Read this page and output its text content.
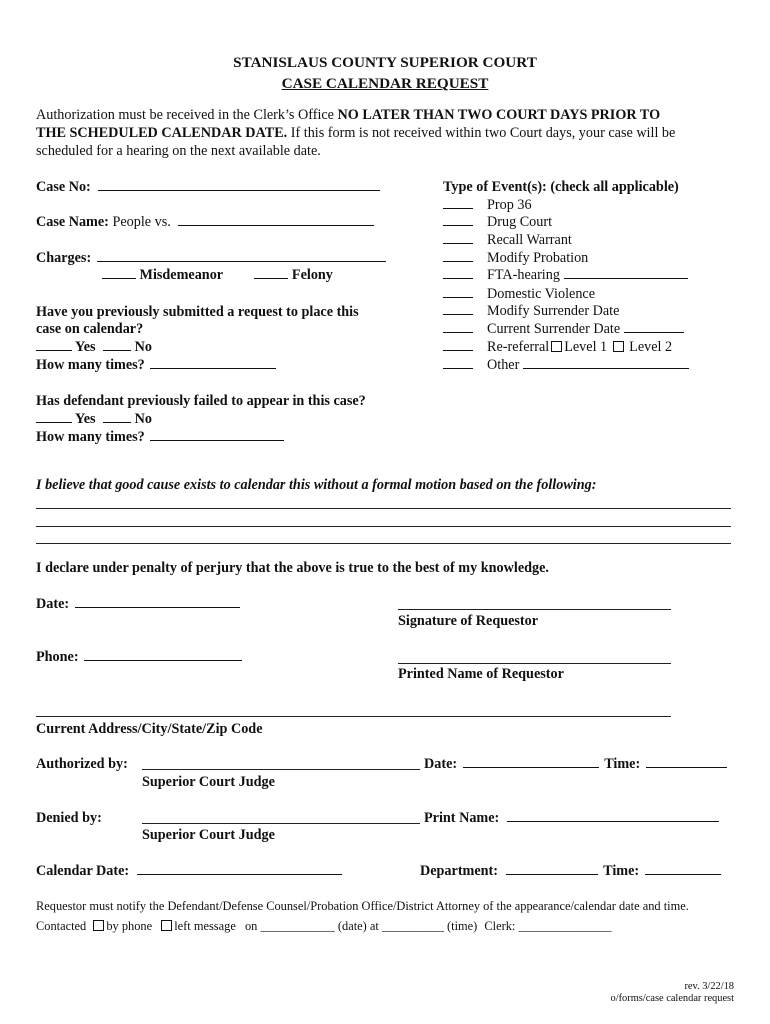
STANISLAUS COUNTY SUPERIOR COURT
CASE CALENDAR REQUEST
Authorization must be received in the Clerk’s Office NO LATER THAN TWO COURT DAYS PRIOR TO
THE SCHEDULED CALENDAR DATE. If this form is not received within two Court days, your case will be
scheduled for a hearing on the next available date.
Case No:
Case Name: People vs.
Charges:
Misdemeanor	Felony
Have you previously submitted a request to place this
case on calendar?
Yes	No
How many times?
Has defendant previously failed to appear in this case?
Yes	No
How many times?
Type of Event(s): (check all applicable)
Prop 36
Drug Court
Recall Warrant
Modify Probation
FTA-hearing
Domestic Violence
Modify Surrender Date
Current Surrender Date
Re-referral Level 1 Level 2
Other
I believe that good cause exists to calendar this without a formal motion based on the following:
I declare under penalty of perjury that the above is true to the best of my knowledge.
Date:
Signature of Requestor
Phone:
Printed Name of Requestor
Current Address/City/State/Zip Code
Authorized by:	Date:	Time:
Superior Court Judge
Denied by:	Print Name:
Superior Court Judge
Calendar Date:	Department:	Time:
Requestor must notify the Defendant/Defense Counsel/Probation Office/District Attorney of the appearance/calendar date and time.
Contacted by phone left message on ____________ (date) at __________ (time) Clerk: _______________
rev. 3/22/18
o/forms/case calendar request
